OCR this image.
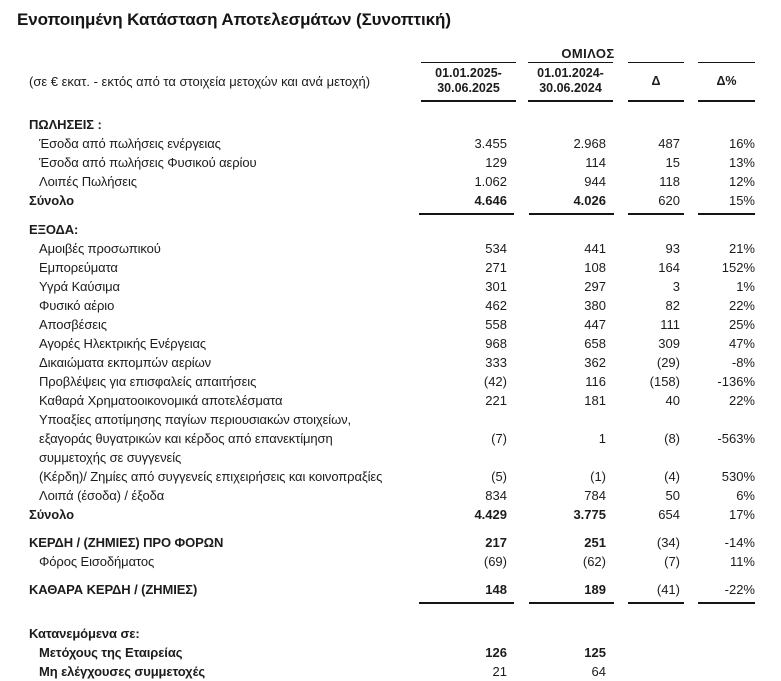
Ενοποιημένη Κατάσταση Αποτελεσμάτων (Συνοπτική)
ΟΜΙΛΟΣ
(σε € εκατ. - εκτός από τα στοιχεία μετοχών και ανά μετοχή)
01.01.2025-
30.06.2025
01.01.2024-
30.06.2024
Δ	Δ%
ΠΩΛΗΣΕΙΣ :
Έσοδα από πωλήσεις ενέργειας	3.455	2.968	487	16%
Έσοδα από πωλήσεις Φυσικού αερίου	129	114	15	13%
Λοιπές Πωλήσεις	1.062	944	118	12%
Σύνολο	4.646	4.026	620	15%
ΕΞΟΔΑ:
Αμοιβές προσωπικού	534	441	93	21%
Εμπορεύματα	271	108	164	152%
Υγρά Καύσιμα	301	297	3	1%
Φυσικό αέριο	462	380	82	22%
Αποσβέσεις	558	447	111	25%
Αγορές Ηλεκτρικής Ενέργειας	968	658	309	47%
Δικαιώματα εκπομπών αερίων	333	362	(29)	-8%
Προβλέψεις για επισφαλείς απαιτήσεις	(42)	116	(158)	-136%
Καθαρά Χρηματοοικονομικά αποτελέσματα	221	181	40	22%
Υποαξίες αποτίμησης παγίων περιουσιακών στοιχείων,
εξαγοράς θυγατρικών και κέρδος από επανεκτίμηση
συμμετοχής σε συγγενείς
(7)	1	(8)	-563%
(Κέρδη)/ Ζημίες από συγγενείς επιχειρήσεις και κοινοπραξίες	(5)	(1)	(4)	530%
Λοιπά (έσοδα) / έξοδα	834	784	50	6%
Σύνολο	4.429	3.775	654	17%
ΚΕΡΔΗ / (ΖΗΜΙΕΣ) ΠΡΟ ΦΟΡΩΝ	217	251	(34)	-14%
Φόρος Εισοδήματος	(69)	(62)	(7)	11%
ΚΑΘΑΡΑ ΚΕΡΔΗ / (ΖΗΜΙΕΣ)	148	189	(41)	-22%
Κατανεμόμενα σε:
Μετόχους της Εταιρείας	126	125
Μη ελέγχουσες συμμετοχές	21	64
